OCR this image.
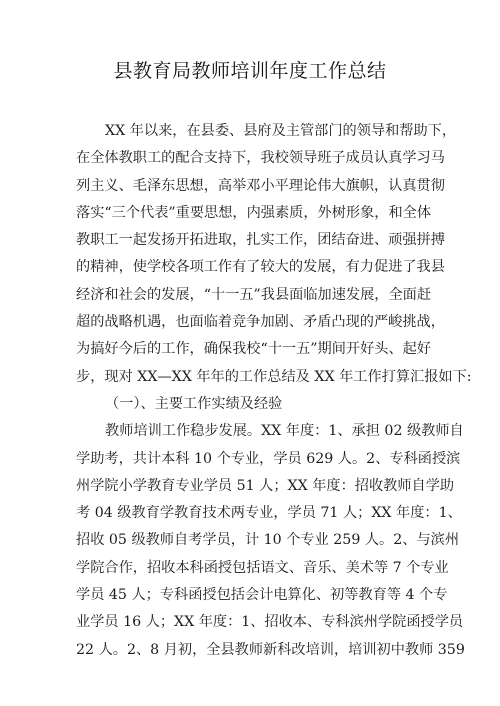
县教育局教师培训年度工作总结
XX 年以来，在县委、县府及主管部门的领导和帮助下，
在全体教职工的配合支持下，我校领导班子成员认真学习马
列主义、毛泽东思想，高举邓小平理论伟大旗帜，认真贯彻
落实“三个代表”重要思想，内强素质，外树形象，和全体
教职工一起发扬开拓进取，扎实工作，团结奋进、顽强拼搏
的精神，使学校各项工作有了较大的发展，有力促进了我县
经济和社会的发展，“十一五”我县面临加速发展，全面赶
超的战略机遇，也面临着竞争加剧、矛盾凸现的严峻挑战，
为搞好今后的工作，确保我校“十一五”期间开好头、起好
步，现对 XX—XX 年年的工作总结及 XX 年工作打算汇报如下:
（一）、主要工作实绩及经验
教师培训工作稳步发展。XX 年度：1、承担 02 级教师自
学助考，共计本科 10 个专业，学员 629 人。2、专科函授滨
州学院小学教育专业学员 51 人；XX 年度：招收教师自学助
考 04 级教育学教育技术两专业，学员 71 人；XX 年度：1、
招收 05 级教师自考学员，计 10 个专业 259 人。2、与滨州
学院合作，招收本科函授包括语文、音乐、美术等 7 个专业
学员 45 人；专科函授包括会计电算化、初等教育等 4 个专
业学员 16 人；XX 年度：1、招收本、专科滨州学院函授学员
22 人。2、8 月初，全县教师新科改培训，培训初中教师 359
